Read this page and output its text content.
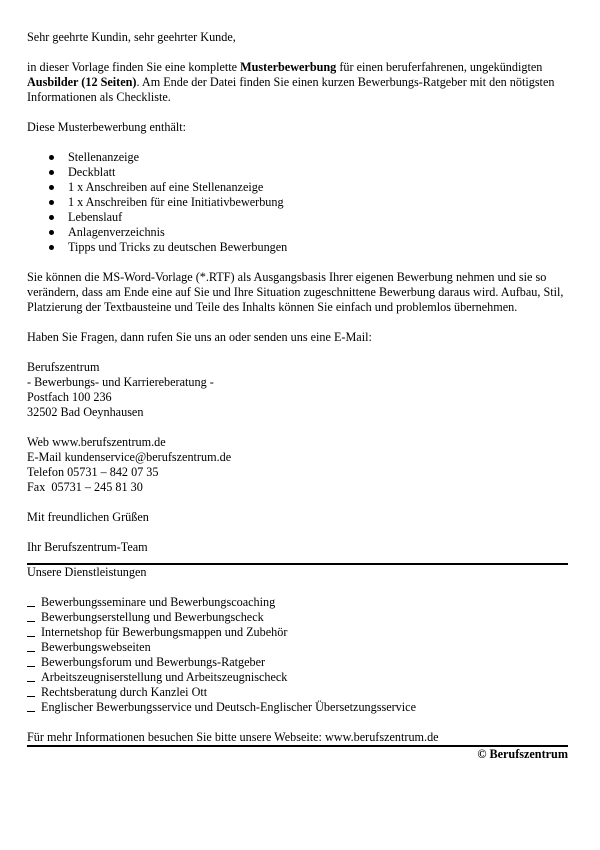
Sehr geehrte Kundin, sehr geehrter Kunde,

in dieser Vorlage finden Sie eine komplette Musterbewerbung für einen beruferfahrenen, ungekündigten Ausbilder (12 Seiten). Am Ende der Datei finden Sie einen kurzen Bewerbungs-Ratgeber mit den nötigsten Informationen als Checkliste.

Diese Musterbewerbung enthält:

Stellenanzeige
Deckblatt
1 x Anschreiben auf eine Stellenanzeige
1 x Anschreiben für eine Initiativbewerbung
Lebenslauf
Anlagenverzeichnis
Tipps und Tricks zu deutschen Bewerbungen

Sie können die MS-Word-Vorlage (*.RTF) als Ausgangsbasis Ihrer eigenen Bewerbung nehmen und sie so verändern, dass am Ende eine auf Sie und Ihre Situation zugeschnittene Bewerbung daraus wird. Aufbau, Stil, Platzierung der Textbausteine und Teile des Inhalts können Sie einfach und problemlos übernehmen.

Haben Sie Fragen, dann rufen Sie uns an oder senden uns eine E-Mail:

Berufszentrum

- Bewerbungs- und Karriereberatung -

Postfach 100 236

32502 Bad Oeynhausen

Web www.berufszentrum.de

E-Mail kundenservice@berufszentrum.de

Telefon 05731 – 842 07 35

Fax  05731 – 245 81 30

Mit freundlichen Grüßen

Ihr Berufszentrum-Team

Unsere Dienstleistungen

Bewerbungsseminare und Bewerbungscoaching
Bewerbungserstellung und Bewerbungscheck
Internetshop für Bewerbungsmappen und Zubehör
Bewerbungswebseiten
Bewerbungsforum und Bewerbungs-Ratgeber
Arbeitszeugniserstellung und Arbeitszeugnischeck
Rechtsberatung durch Kanzlei Ott
Englischer Bewerbungsservice und Deutsch-Englischer Übersetzungsservice

Für mehr Informationen besuchen Sie bitte unsere Webseite: www.berufszentrum.de

© Berufszentrum
